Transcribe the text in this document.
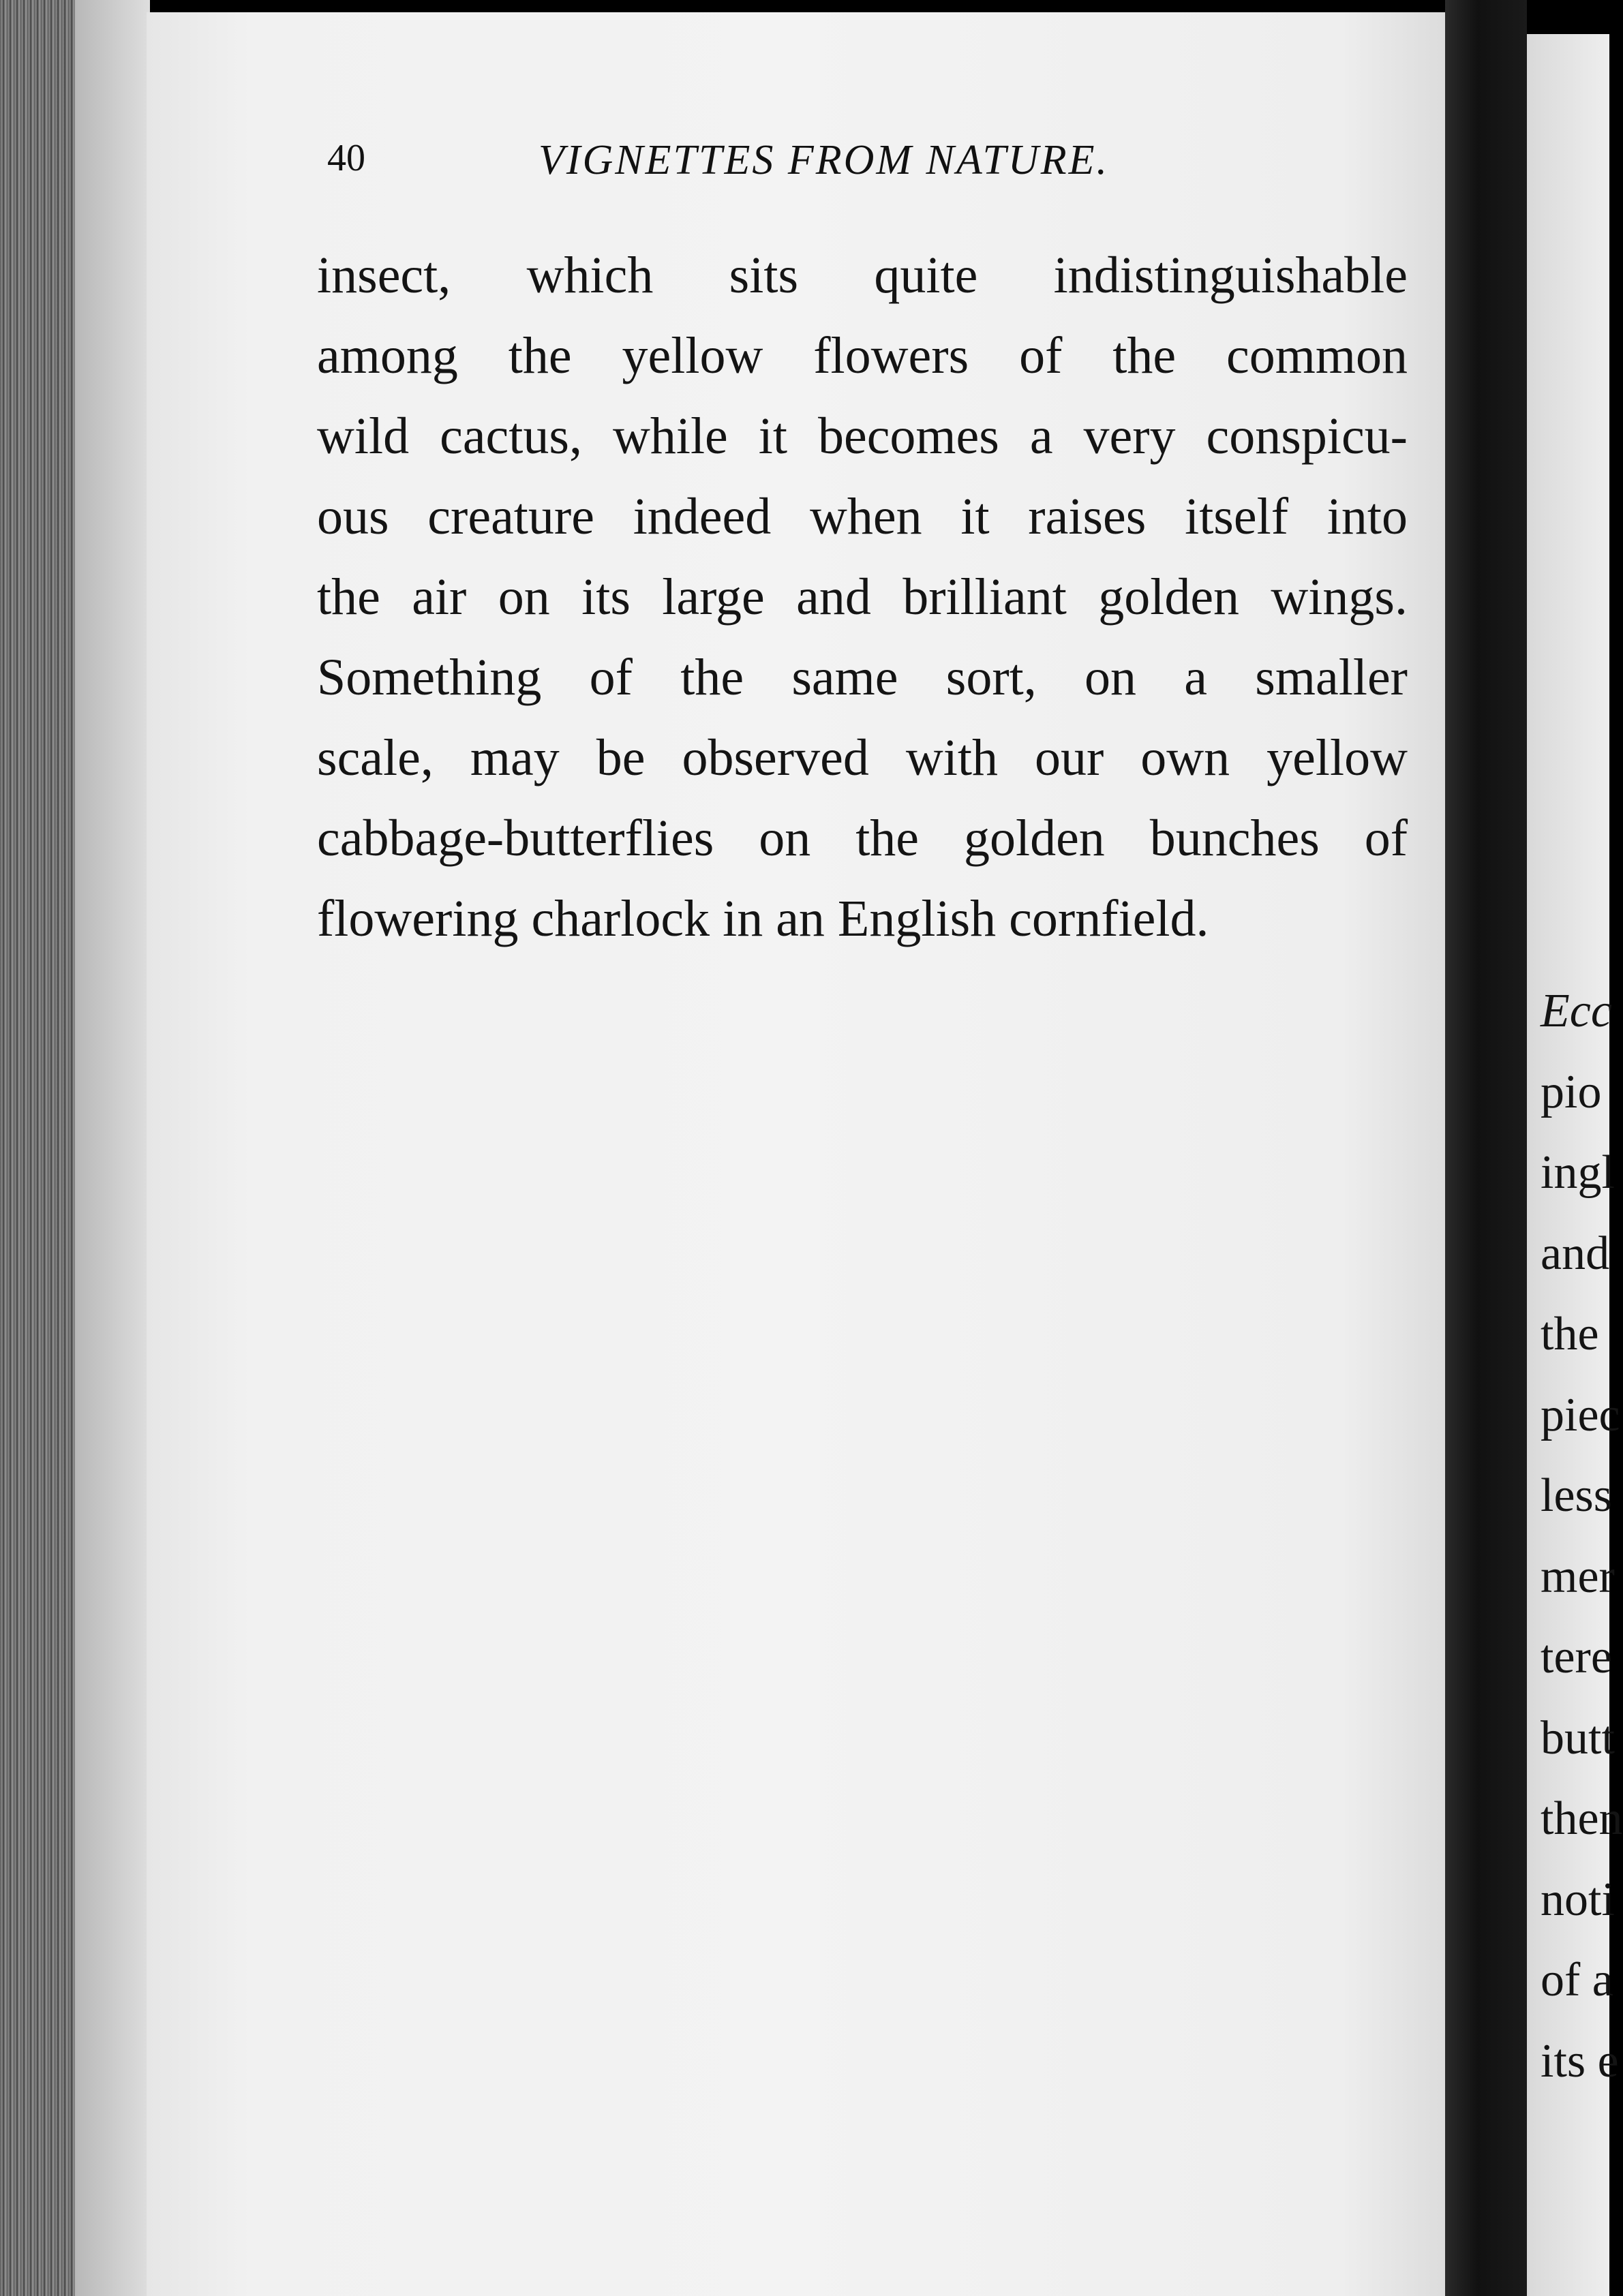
40	VIGNETTES FROM NATURE.
insect, which sits quite indistinguishable
among the yellow flowers of the common
wild cactus, while it becomes a very conspicu-
ous creature indeed when it raises itself into
the air on its large and brilliant golden wings.
Something of the same sort, on a smaller
scale, may be observed with our own yellow
cabbage-butterflies on the golden bunches of
flowering charlock in an English cornfield.
Ecc
pio
ingl
and
the
piec
less
mer
tere
butt
then
noti
of a
its e
